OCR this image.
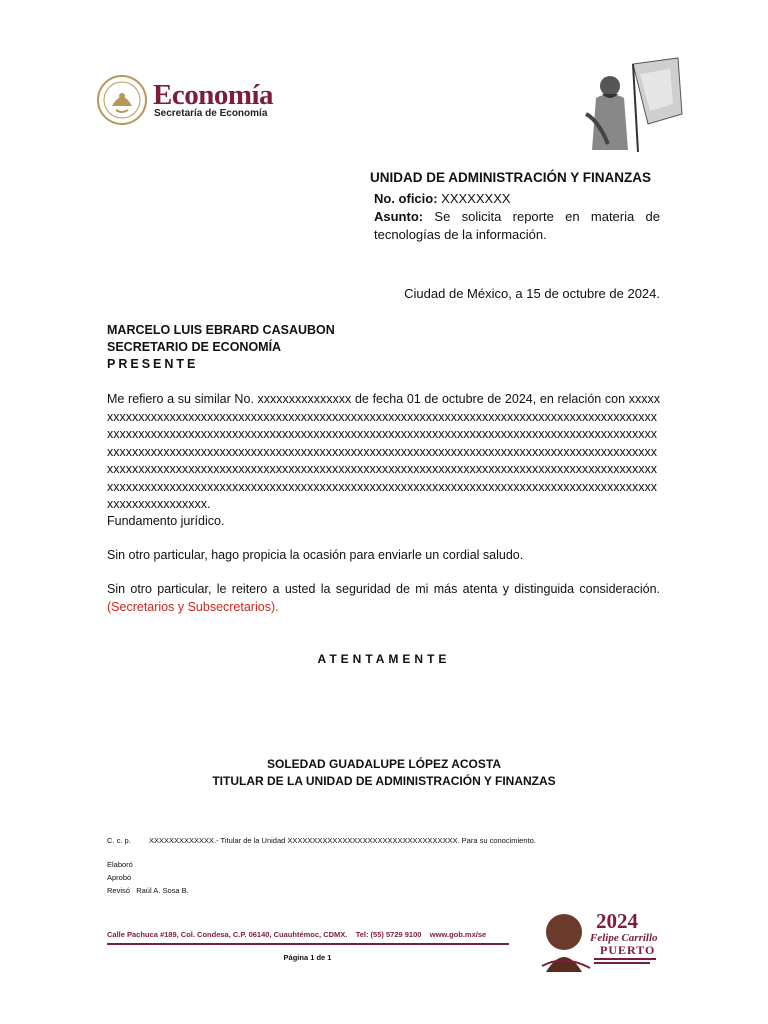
Economía
Secretaría de Economía
UNIDAD DE ADMINISTRACIÓN Y FINANZAS

No. oficio: XXXXXXXX

Asunto: Se solicita reporte en materia de tecnologías de la información.

Ciudad de México, a 15 de octubre de 2024.
MARCELO LUIS EBRARD CASAUBON
SECRETARIO DE ECONOMÍA
PRESENTE
Me refiero a su similar No. xxxxxxxxxxxxxxx de fecha 01 de octubre de 2024, en relación con xxxxxxxxxxxxxxxxxxxxxxxxxxxxxxxxxxxxxxxxxxxxxxxxxxxxxxxxxxxxxxxxxxxxxxxxxxxxxxxxxxxxxxxxxxxxxxxxxxxxxxxxxxxxxxxxxxxxxxxxxxxxxxxxxxxxxxxxxxxxxxxxxxxxxxxxxxxxxxxxxxxxxxxxxxxxxxxxxxxxxxxxxxxxxxxxxxxxxxxxxxxxxxxxxxxxxxxxxxxxxxxxxxxxxxxxxxxxxxxxxxxxxxxxxxxxxxxxxxxxxxxxxxxxxxxxxxxxxxxxxxxxxxxxxxxxxxxxxxxxxxxxxxxxxxxxxxxxxxxxxxxxxxxxxxxxxxxxxxxxxxxxxxxxxxxxxxxxxxxxxxxxxxxxxxxxxxxxxxxxxxxxxxxxxxxxxxxxxxxxxxxxxxxxxxxxxxxxxxxxxxxxxxxxxxxxxxxxxxxxxxxxxxxxxxxxxxxxxxxxx.
Fundamento jurídico.
Sin otro particular, hago propicia la ocasión para enviarle un cordial saludo.
Sin otro particular, le reitero a usted la seguridad de mi más atenta y distinguida consideración. (Secretarios y Subsecretarios).
ATENTAMENTE
SOLEDAD GUADALUPE LÓPEZ ACOSTA
TITULAR DE LA UNIDAD DE ADMINISTRACIÓN Y FINANZAS
C. c. p. XXXXXXXXXXXXX.- Titular de la Unidad XXXXXXXXXXXXXXXXXXXXXXXXXXXXXXXXXX. Para su conocimiento.
Elaboró
Aprobó
Revisó Raúl A. Sosa B.
Calle Pachuca #189, Col. Condesa, C.P. 06140, Cuauhtémoc, CDMX.    Tel: (55) 5729 9100    www.gob.mx/se
Página 1 de 1
2024
Felipe Carrillo
PUERTO
